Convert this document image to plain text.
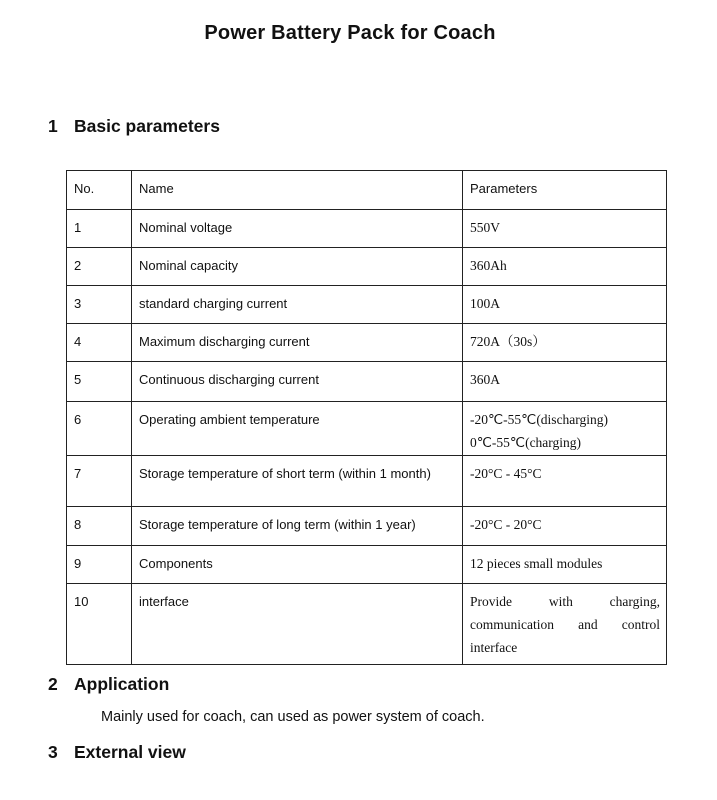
Power Battery Pack for Coach
1 Basic parameters
No.	Name	Parameters

1	Nominal voltage	550V

2	Nominal capacity	360Ah

3	standard charging current	100A

4	Maximum discharging current	720A（30s）

5	Continuous discharging current	360A

6	Operating ambient temperature	-20℃-55℃(discharging)
0℃-55℃(charging)

7	Storage temperature of short term (within 1 month)	-20°C - 45°C

8	Storage temperature of long term (within 1 year)	-20°C - 20°C

9	Components	12 pieces small modules

10	interface	Provide with charging, communication and control interface
2 Application
Mainly used for coach, can used as power system of coach.
3 External view
